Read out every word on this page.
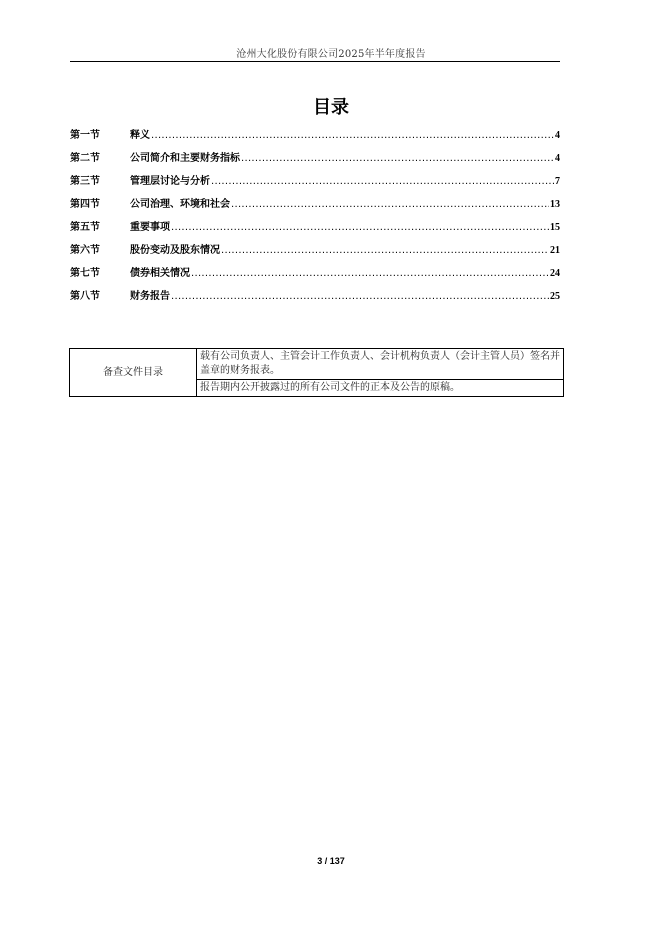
沧州大化股份有限公司2025年半年度报告
目录
第一节	释义 .....	4
第二节	公司简介和主要财务指标 .....	4
第三节	管理层讨论与分析 .....	7
第四节	公司治理、环境和社会 .....	13
第五节	重要事项 .....	15
第六节	股份变动及股东情况 .....	21
第七节	债券相关情况 .....	24
第八节	财务报告 .....	25
备查文件目录	载有公司负责人、主管会计工作负责人、会计机构负责人（会计主管人员）签名并盖章的财务报表。
报告期内公开披露过的所有公司文件的正本及公告的原稿。
3 / 137
